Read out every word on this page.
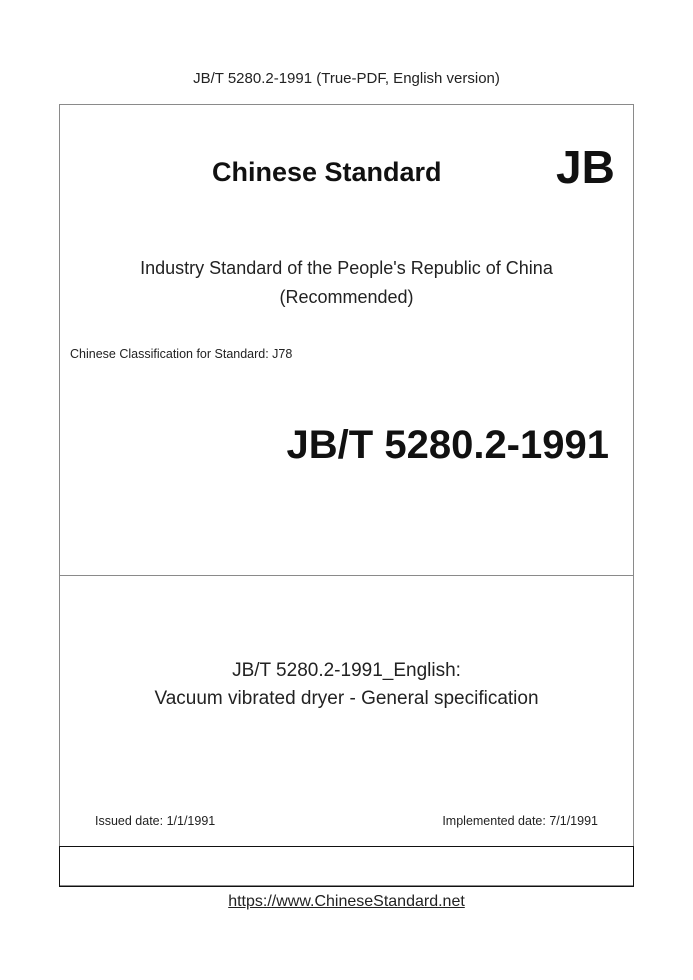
JB/T 5280.2-1991 (True-PDF, English version)
Chinese Standard JB
Industry Standard of the People's Republic of China
(Recommended)
Chinese Classification for Standard: J78
JB/T 5280.2-1991
JB/T 5280.2-1991_English:
Vacuum vibrated dryer - General specification
Issued date: 1/1/1991	Implemented date: 7/1/1991
https://www.ChineseStandard.net
